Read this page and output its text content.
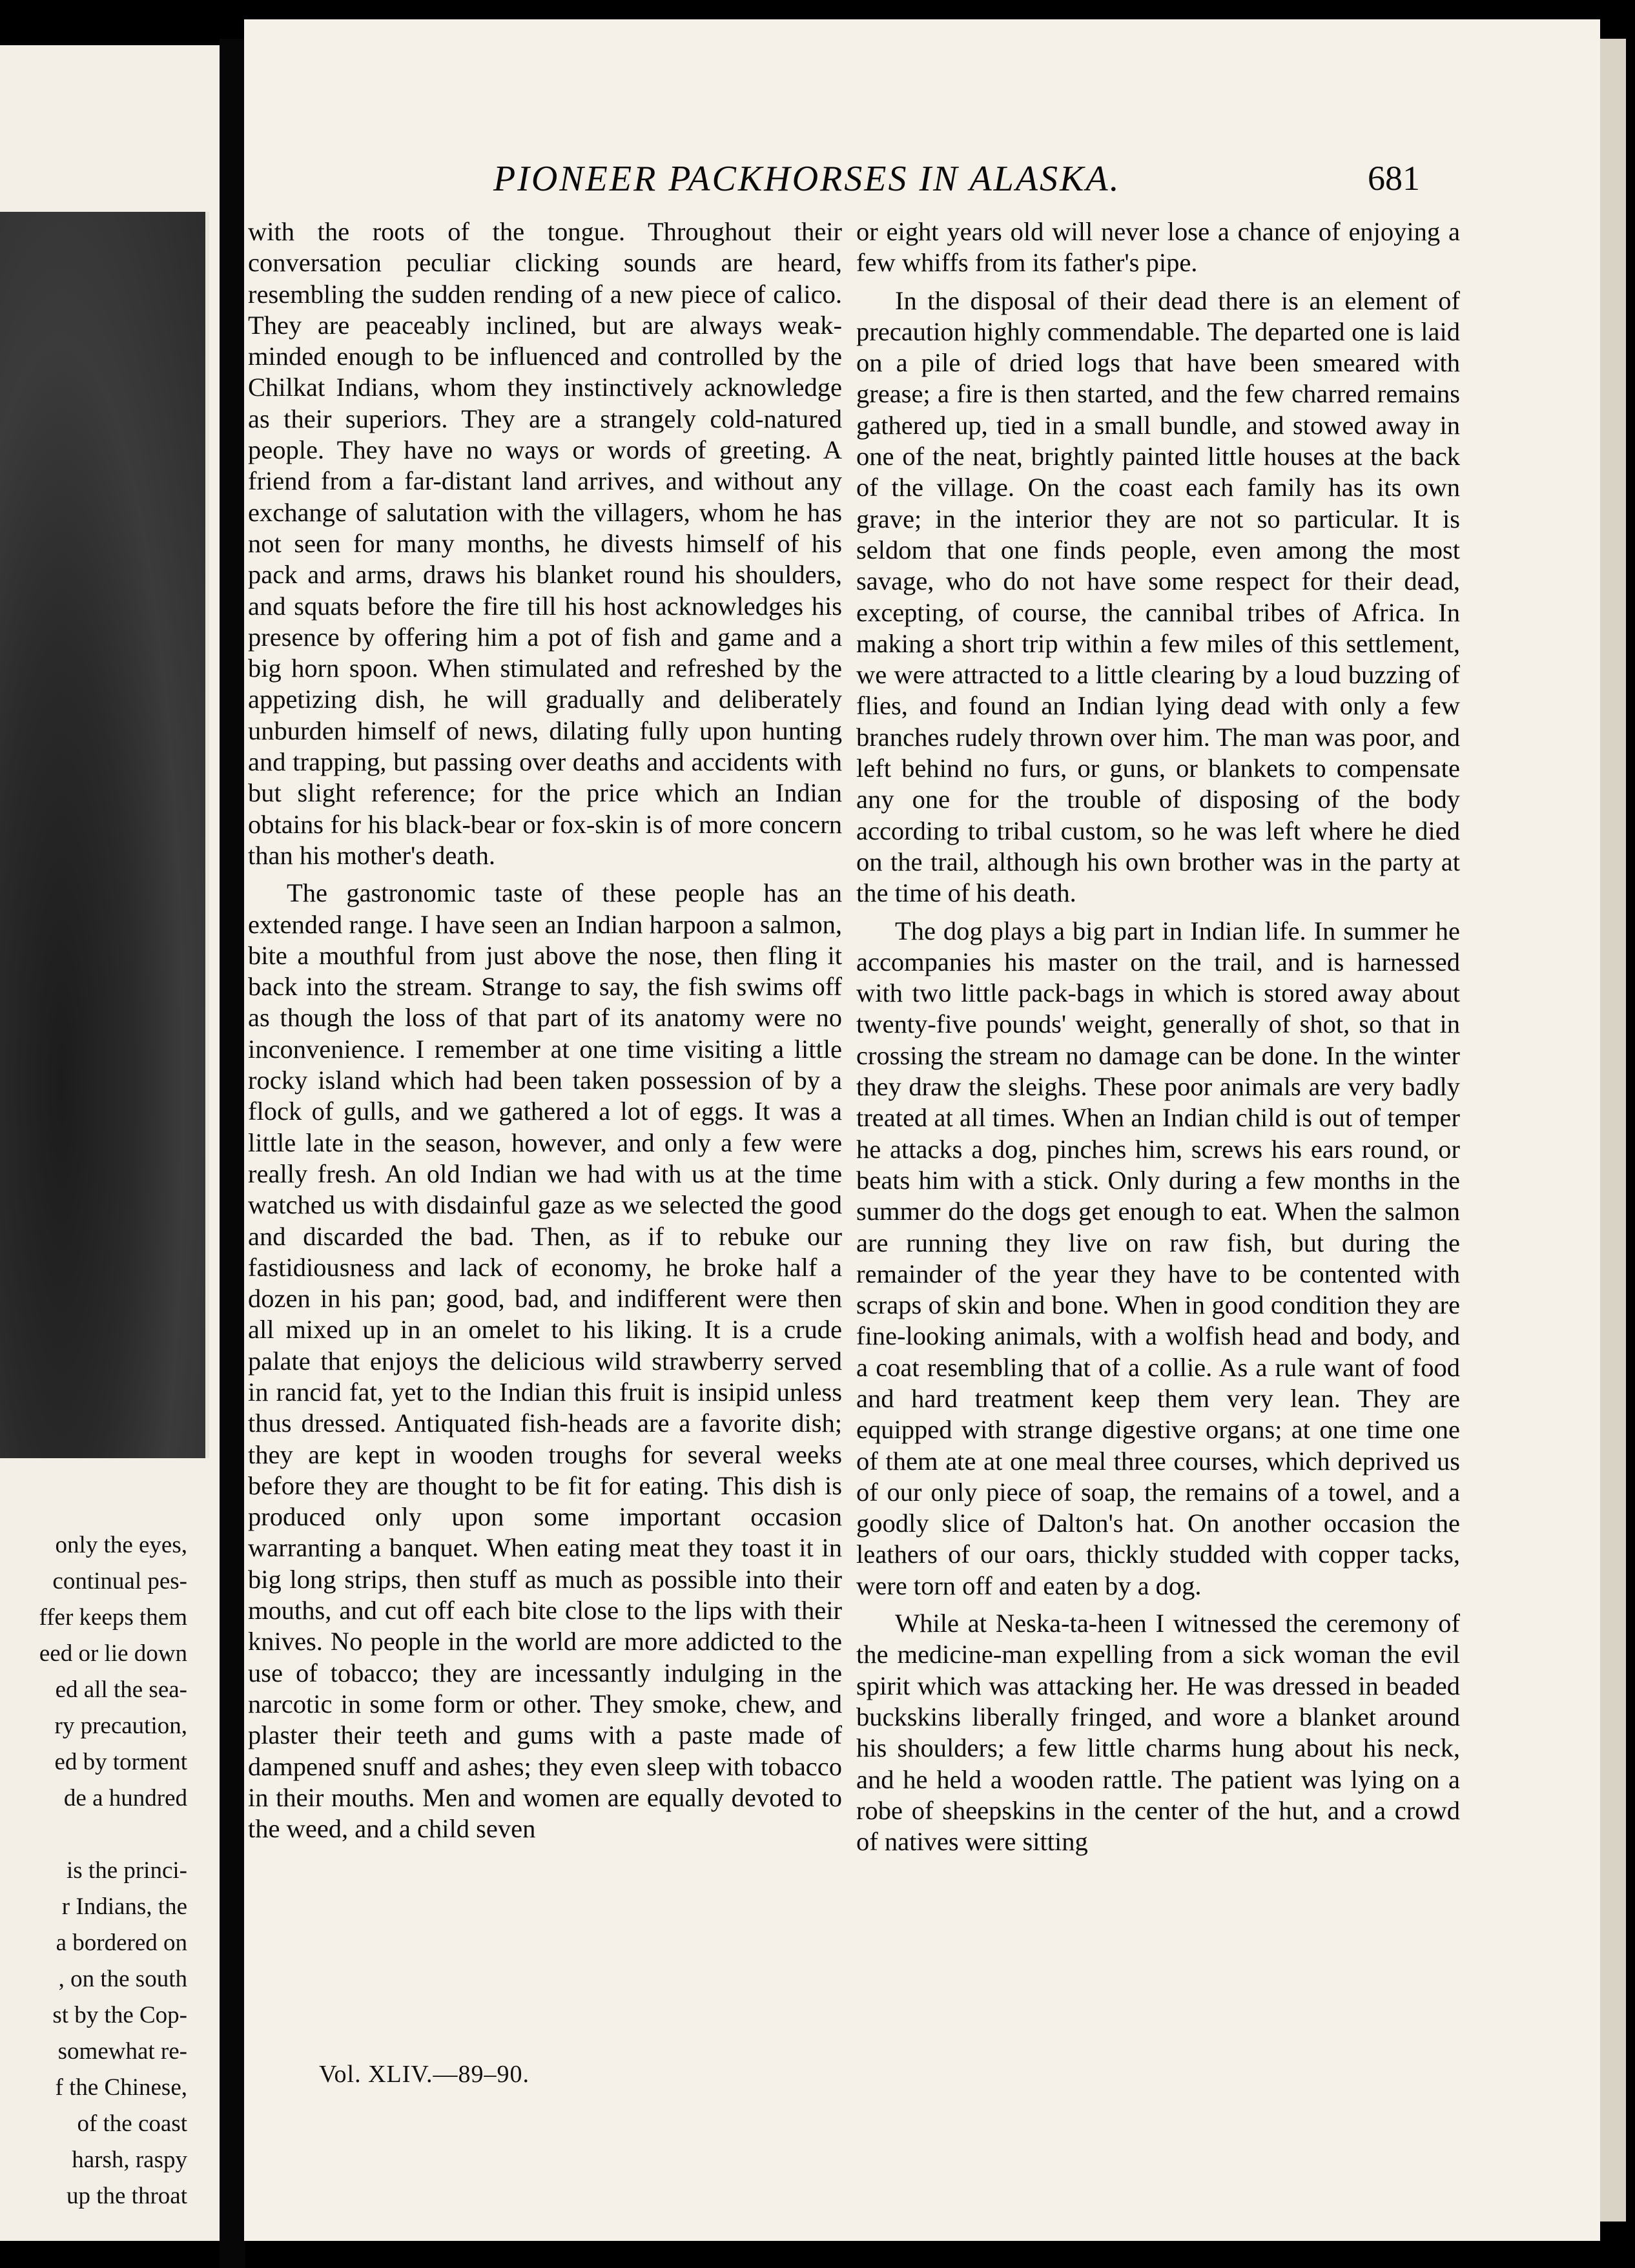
only the eyes,
continual pes-
ffer keeps them
eed or lie down
ed all the sea-
ry precaution,
ed by torment
de a hundred

is the princi-
r Indians, the
a bordered on
, on the south
st by the Cop-
somewhat re-
f the Chinese,
of the coast
harsh, raspy
up the throat
PIONEER PACKHORSES IN ALASKA.	681

with the roots of the tongue. Throughout their conversation peculiar clicking sounds are heard, resembling the sudden rending of a new piece of calico. They are peaceably inclined, but are always weak-minded enough to be influenced and controlled by the Chilkat Indians, whom they instinctively acknowledge as their superiors. They are a strangely cold-natured people. They have no ways or words of greeting. A friend from a far-distant land arrives, and without any exchange of salutation with the villagers, whom he has not seen for many months, he divests himself of his pack and arms, draws his blanket round his shoulders, and squats before the fire till his host acknowledges his presence by offering him a pot of fish and game and a big horn spoon. When stimulated and refreshed by the appetizing dish, he will gradually and deliberately unburden himself of news, dilating fully upon hunting and trapping, but passing over deaths and accidents with but slight reference; for the price which an Indian obtains for his black-bear or fox-skin is of more concern than his mother's death.

The gastronomic taste of these people has an extended range. I have seen an Indian harpoon a salmon, bite a mouthful from just above the nose, then fling it back into the stream. Strange to say, the fish swims off as though the loss of that part of its anatomy were no inconvenience. I remember at one time visiting a little rocky island which had been taken possession of by a flock of gulls, and we gathered a lot of eggs. It was a little late in the season, however, and only a few were really fresh. An old Indian we had with us at the time watched us with disdainful gaze as we selected the good and discarded the bad. Then, as if to rebuke our fastidiousness and lack of economy, he broke half a dozen in his pan; good, bad, and indifferent were then all mixed up in an omelet to his liking. It is a crude palate that enjoys the delicious wild strawberry served in rancid fat, yet to the Indian this fruit is insipid unless thus dressed. Antiquated fish-heads are a favorite dish; they are kept in wooden troughs for several weeks before they are thought to be fit for eating. This dish is produced only upon some important occasion warranting a banquet. When eating meat they toast it in big long strips, then stuff as much as possible into their mouths, and cut off each bite close to the lips with their knives. No people in the world are more addicted to the use of tobacco; they are incessantly indulging in the narcotic in some form or other. They smoke, chew, and plaster their teeth and gums with a paste made of dampened snuff and ashes; they even sleep with tobacco in their mouths. Men and women are equally devoted to the weed, and a child seven

or eight years old will never lose a chance of enjoying a few whiffs from its father's pipe.

In the disposal of their dead there is an element of precaution highly commendable. The departed one is laid on a pile of dried logs that have been smeared with grease; a fire is then started, and the few charred remains gathered up, tied in a small bundle, and stowed away in one of the neat, brightly painted little houses at the back of the village. On the coast each family has its own grave; in the interior they are not so particular. It is seldom that one finds people, even among the most savage, who do not have some respect for their dead, excepting, of course, the cannibal tribes of Africa. In making a short trip within a few miles of this settlement, we were attracted to a little clearing by a loud buzzing of flies, and found an Indian lying dead with only a few branches rudely thrown over him. The man was poor, and left behind no furs, or guns, or blankets to compensate any one for the trouble of disposing of the body according to tribal custom, so he was left where he died on the trail, although his own brother was in the party at the time of his death.

The dog plays a big part in Indian life. In summer he accompanies his master on the trail, and is harnessed with two little pack-bags in which is stored away about twenty-five pounds' weight, generally of shot, so that in crossing the stream no damage can be done. In the winter they draw the sleighs. These poor animals are very badly treated at all times. When an Indian child is out of temper he attacks a dog, pinches him, screws his ears round, or beats him with a stick. Only during a few months in the summer do the dogs get enough to eat. When the salmon are running they live on raw fish, but during the remainder of the year they have to be contented with scraps of skin and bone. When in good condition they are fine-looking animals, with a wolfish head and body, and a coat resembling that of a collie. As a rule want of food and hard treatment keep them very lean. They are equipped with strange digestive organs; at one time one of them ate at one meal three courses, which deprived us of our only piece of soap, the remains of a towel, and a goodly slice of Dalton's hat. On another occasion the leathers of our oars, thickly studded with copper tacks, were torn off and eaten by a dog.

While at Neska-ta-heen I witnessed the ceremony of the medicine-man expelling from a sick woman the evil spirit which was attacking her. He was dressed in beaded buckskins liberally fringed, and wore a blanket around his shoulders; a few little charms hung about his neck, and he held a wooden rattle. The patient was lying on a robe of sheepskins in the center of the hut, and a crowd of natives were sitting

Vol. XLIV.—89–90.
